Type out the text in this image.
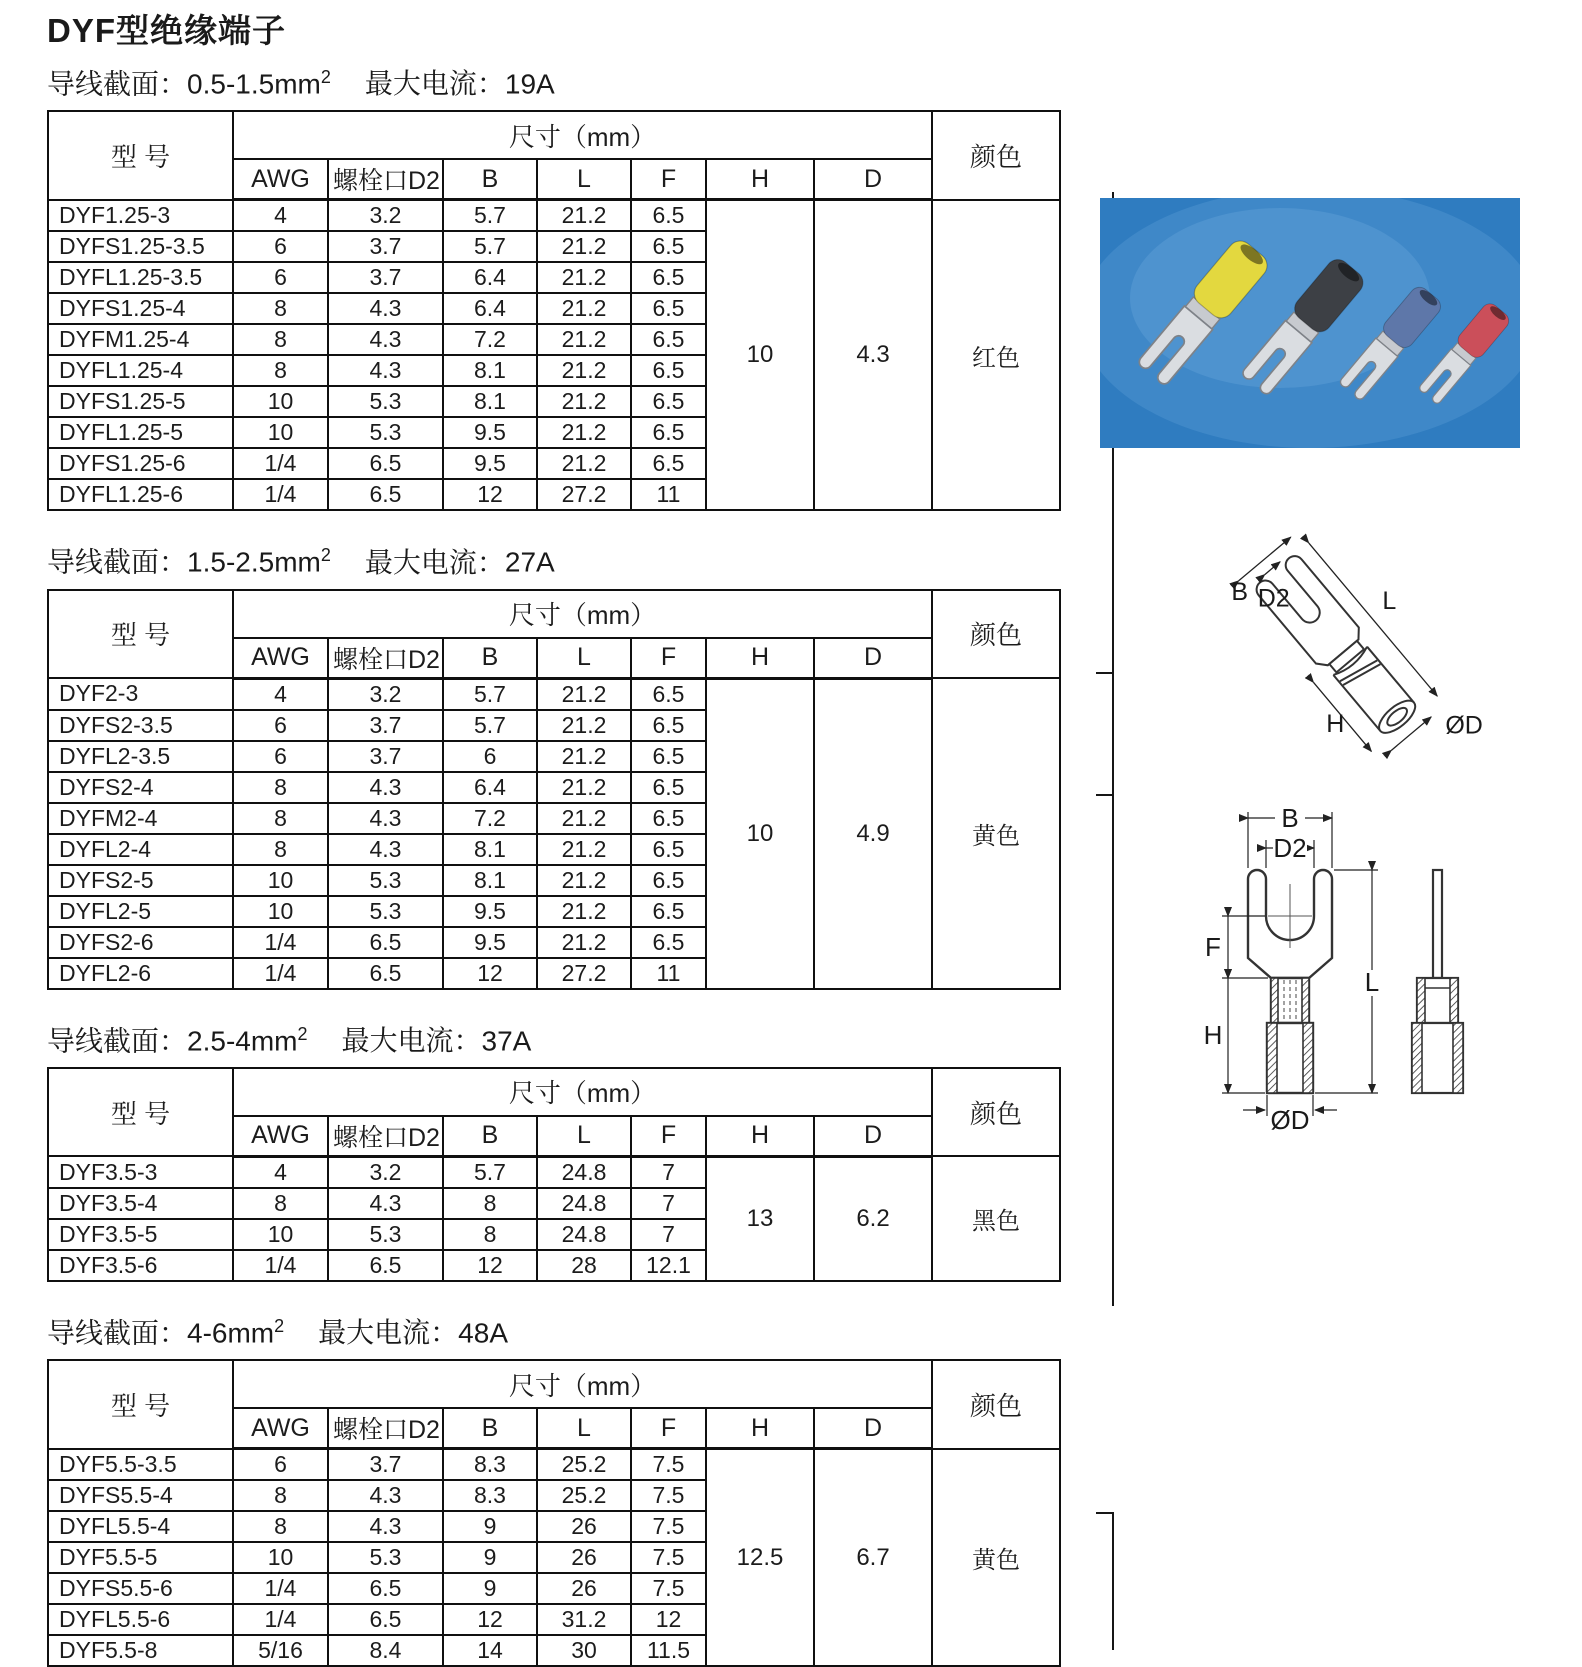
DYF型绝缘端子
导线截面：$0.5-1.5mm^2$ 最大电流：19A
型 号	尺寸（mm）							颜色
	AWG	螺栓口D2	B	L	F	H	D	
DYF1.25-3	4	3.2	5.7	21.2	6.5	10	4.3	红色
DYFS1.25-3.5	6	3.7	5.7	21.2	6.5			
DYFL1.25-3.5	6	3.7	6.4	21.2	6.5			
DYFS1.25-4	8	4.3	6.4	21.2	6.5			
DYFM1.25-4	8	4.3	7.2	21.2	6.5			
DYFL1.25-4	8	4.3	8.1	21.2	6.5			
DYFS1.25-5	10	5.3	8.1	21.2	6.5			
DYFL1.25-5	10	5.3	9.5	21.2	6.5			
DYFS1.25-6	1/4	6.5	9.5	21.2	6.5			
DYFL1.25-6	1/4	6.5	12	27.2	11			
导线截面：$1.5-2.5mm^2$ 最大电流：27A
型 号	尺寸（mm）							颜色
	AWG	螺栓口D2	B	L	F	H	D	
DYF2-3	4	3.2	5.7	21.2	6.5	10	4.9	黄色
DYFS2-3.5	6	3.7	5.7	21.2	6.5			
DYFL2-3.5	6	3.7	6	21.2	6.5			
DYFS2-4	8	4.3	6.4	21.2	6.5			
DYFM2-4	8	4.3	7.2	21.2	6.5			
DYFL2-4	8	4.3	8.1	21.2	6.5			
DYFS2-5	10	5.3	8.1	21.2	6.5			
DYFL2-5	10	5.3	9.5	21.2	6.5			
DYFS2-6	1/4	6.5	9.5	21.2	6.5			
DYFL2-6	1/4	6.5	12	27.2	11			
导线截面：$2.5-4mm^2$ 最大电流：37A
型 号	尺寸（mm）							颜色
	AWG	螺栓口D2	B	L	F	H	D	
DYF3.5-3	4	3.2	5.7	24.8	7	13	6.2	黑色
DYF3.5-4	8	4.3	8	24.8	7			
DYF3.5-5	10	5.3	8	24.8	7			
DYF3.5-6	1/4	6.5	12	28	12.1			
导线截面：$4-6mm^2$ 最大电流：48A
型 号	尺寸（mm）							颜色
	AWG	螺栓口D2	B	L	F	H	D	
DYF5.5-3.5	6	3.7	8.3	25.2	7.5	12.5	6.7	黄色
DYFS5.5-4	8	4.3	8.3	25.2	7.5			
DYFL5.5-4	8	4.3	9	26	7.5			
DYF5.5-5	10	5.3	9	26	7.5			
DYFS5.5-6	1/4	6.5	9	26	7.5			
DYFL5.5-6	1/4	6.5	12	31.2	12			
DYF5.5-8	5/16	8.4	14	30	11.5			
B D2	L
H	ØD
B
D2
F
H
L
ØD
